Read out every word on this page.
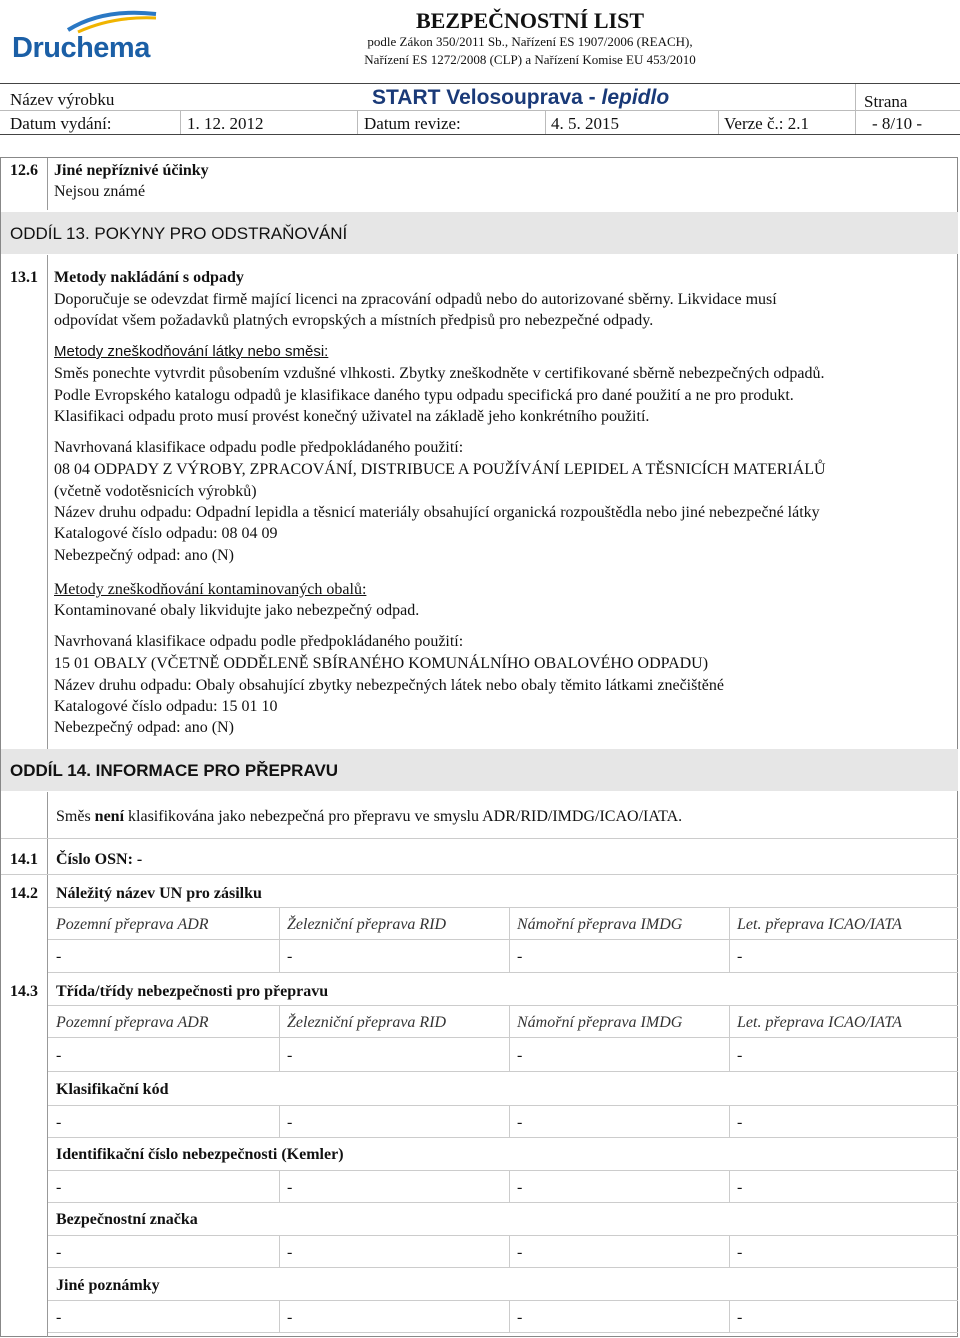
Druchema
BEZPEČNOSTNÍ LIST
podle Zákon 350/2011 Sb., Nařízení ES 1907/2006 (REACH),
Nařízení ES 1272/2008 (CLP) a Nařízení Komise EU 453/2010
Název výrobku	START Velosouprava - lepidlo	Strana
Datum vydání:	1. 12. 2012	Datum revize:	4. 5. 2015	Verze č.: 2.1	- 8/10 -
12.6 Jiné nepříznivé účinky
Nejsou známé
ODDÍL 13. POKYNY PRO ODSTRAŇOVÁNÍ
13.1 Metody nakládání s odpady
Doporučuje se odevzdat firmě mající licenci na zpracování odpadů nebo do autorizované sběrny. Likvidace musí
odpovídat všem požadavků platných evropských a místních předpisů pro nebezpečné odpady.
Metody zneškodňování látky nebo směsi:
Směs ponechte vytvrdit působením vzdušné vlhkosti. Zbytky zneškodněte v certifikované sběrně nebezpečných odpadů.
Podle Evropského katalogu odpadů je klasifikace daného typu odpadu specifická pro dané použití a ne pro produkt.
Klasifikaci odpadu proto musí provést konečný uživatel na základě jeho konkrétního použití.
Navrhovaná klasifikace odpadu podle předpokládaného použití:
08 04 ODPADY Z VÝROBY, ZPRACOVÁNÍ, DISTRIBUCE A POUŽÍVÁNÍ LEPIDEL A TĚSNICÍCH MATERIÁLŮ
(včetně vodotěsnicích výrobků)
Název druhu odpadu: Odpadní lepidla a těsnicí materiály obsahující organická rozpouštědla nebo jiné nebezpečné látky
Katalogové číslo odpadu: 08 04 09
Nebezpečný odpad: ano (N)
Metody zneškodňování kontaminovaných obalů:
Kontaminované obaly likvidujte jako nebezpečný odpad.
Navrhovaná klasifikace odpadu podle předpokládaného použití:
15 01 OBALY (VČETNĚ ODDĚLENĚ SBÍRANÉHO KOMUNÁLNÍHO OBALOVÉHO ODPADU)
Název druhu odpadu: Obaly obsahující zbytky nebezpečných látek nebo obaly těmito látkami znečištěné
Katalogové číslo odpadu: 15 01 10
Nebezpečný odpad: ano (N)
ODDÍL 14. INFORMACE PRO PŘEPRAVU
Směs není klasifikována jako nebezpečná pro přepravu ve smyslu ADR/RID/IMDG/ICAO/IATA.
14.1 Číslo OSN: -
14.2 Náležitý název UN pro zásilku
Pozemní přeprava ADR	Železniční přeprava RID	Námořní přeprava IMDG	Let. přeprava ICAO/IATA
-	-	-	-
14.3 Třída/třídy nebezpečnosti pro přepravu
Pozemní přeprava ADR	Železniční přeprava RID	Námořní přeprava IMDG	Let. přeprava ICAO/IATA
-	-	-	-
Klasifikační kód
-	-	-	-
Identifikační číslo nebezpečnosti (Kemler)
-	-	-	-
Bezpečnostní značka
-	-	-	-
Jiné poznámky
-	-	-	-
